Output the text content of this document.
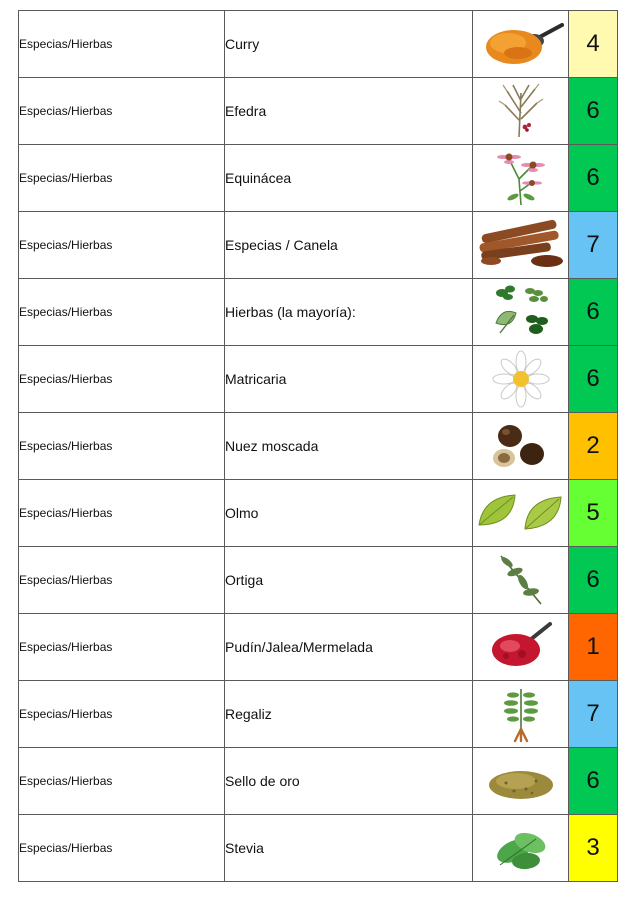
Especias/Hierbas	Curry		4
Especias/Hierbas	Efedra		6
Especias/Hierbas	Equinácea		6
Especias/Hierbas	Especias / Canela		7
Especias/Hierbas	Hierbas (la mayoría):		6
Especias/Hierbas	Matricaria		6
Especias/Hierbas	Nuez moscada		2
Especias/Hierbas	Olmo		5
Especias/Hierbas	Ortiga		6
Especias/Hierbas	Pudín/Jalea/Mermelada		1
Especias/Hierbas	Regaliz		7
Especias/Hierbas	Sello de oro		6
Especias/Hierbas	Stevia		3
